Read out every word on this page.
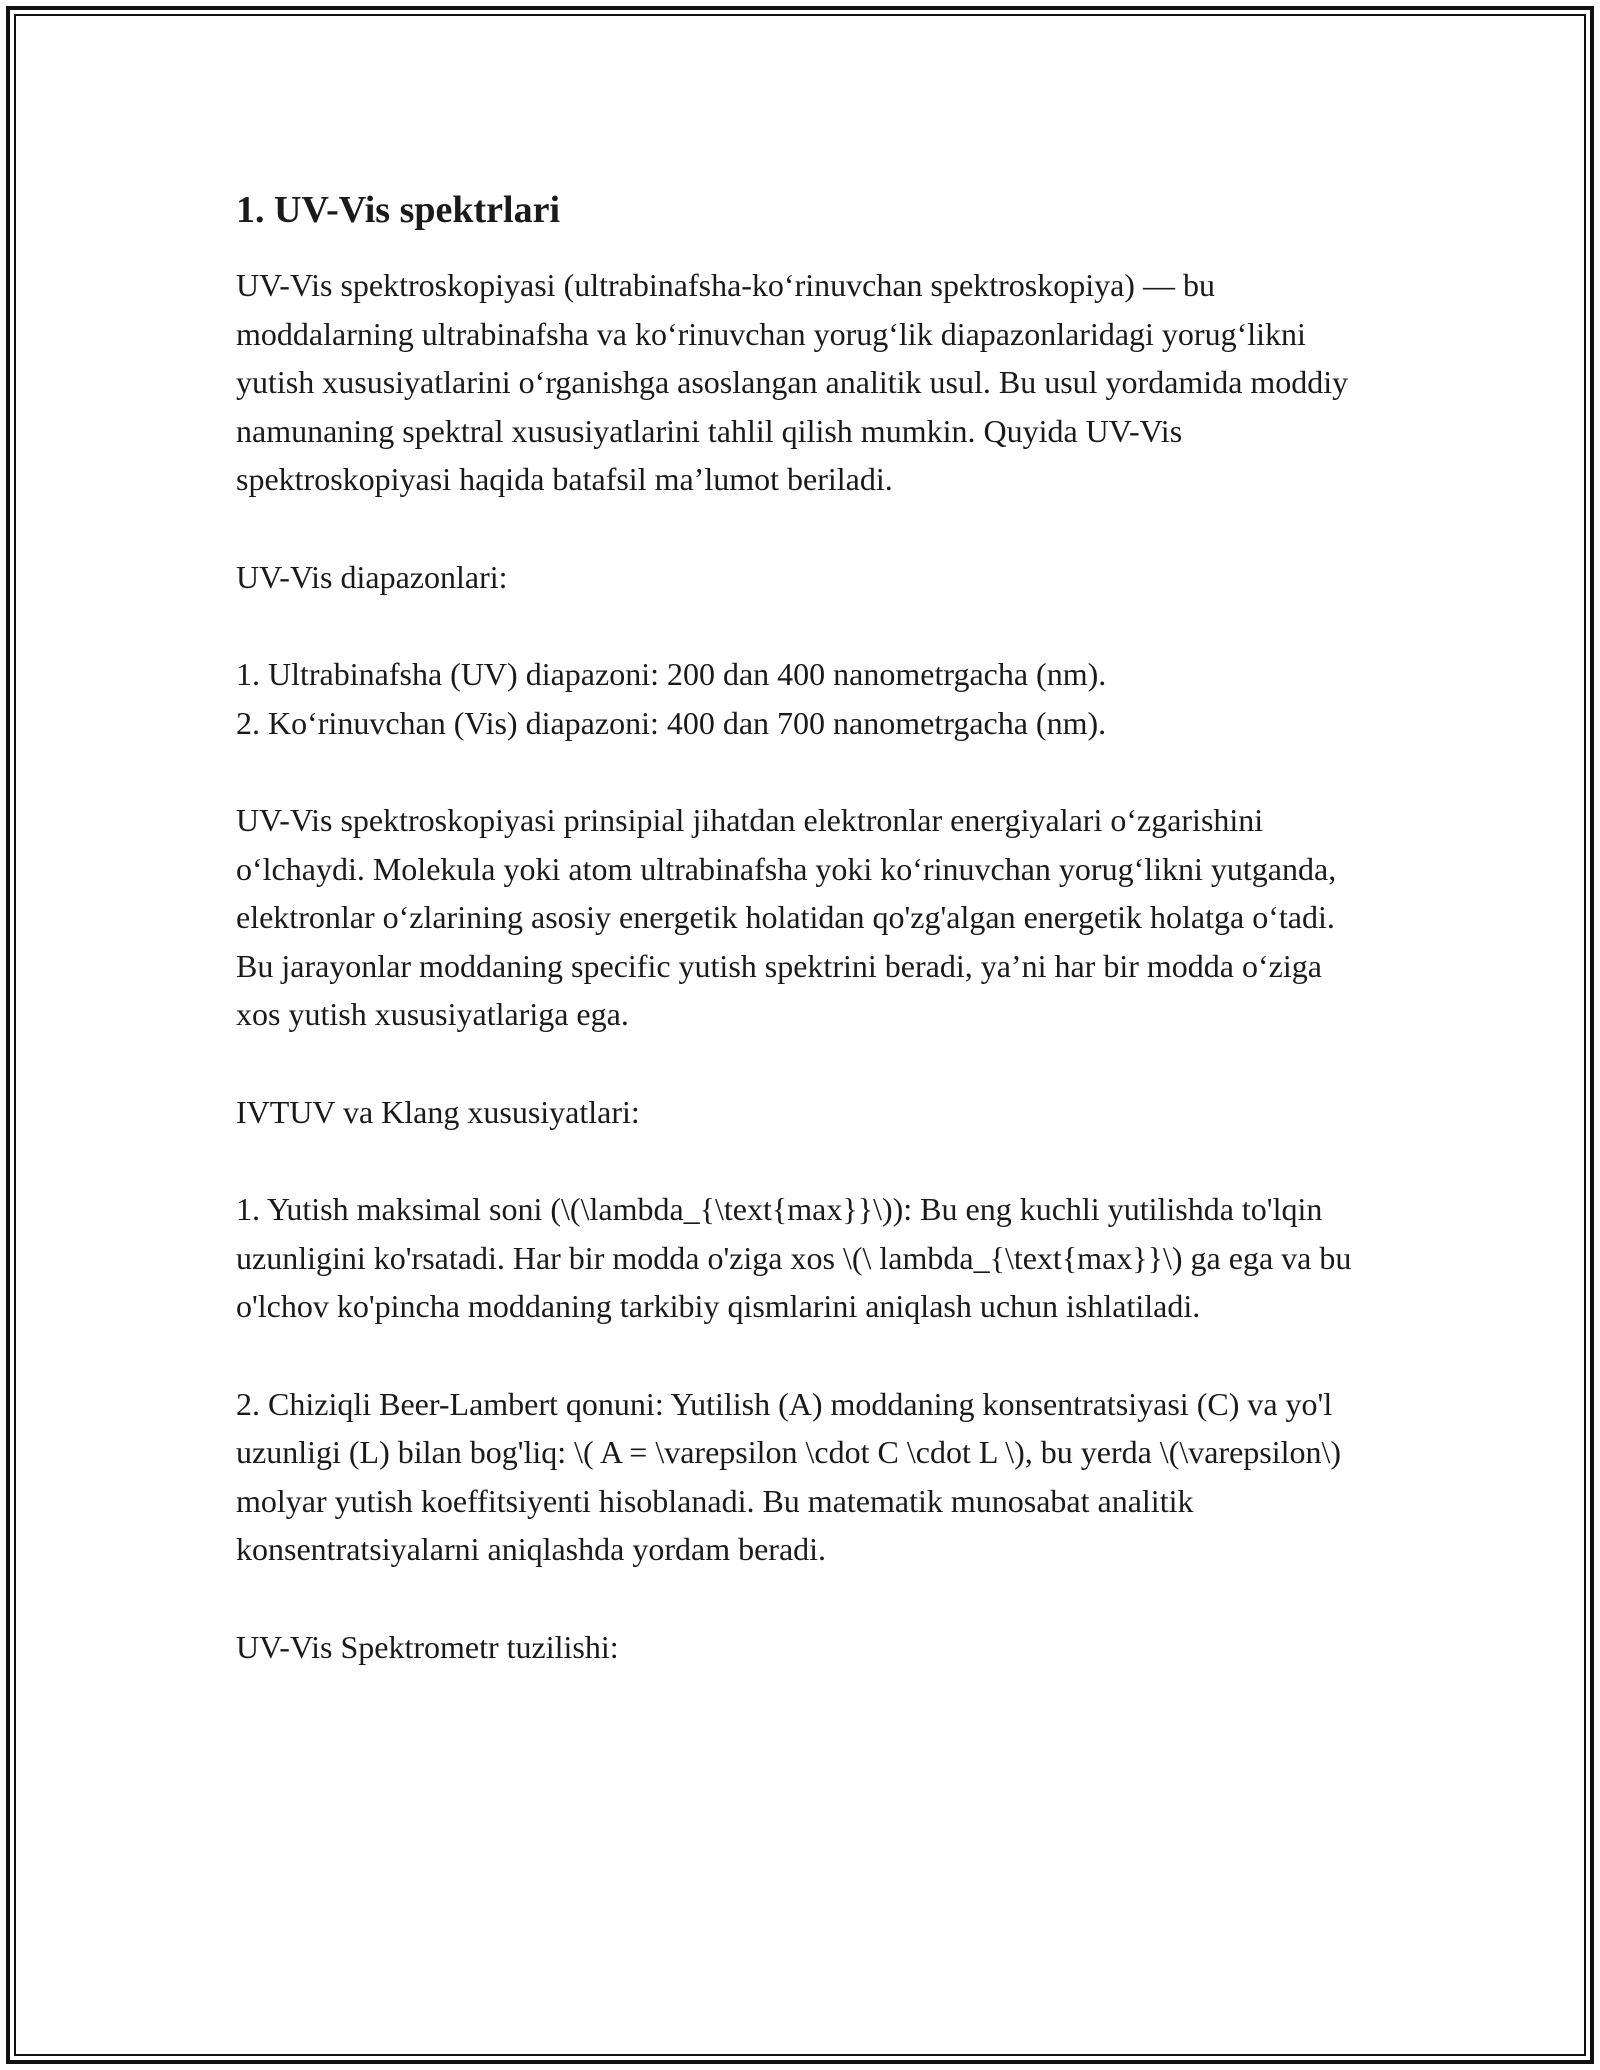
1. UV-Vis spektrlari

UV-Vis spektroskopiyasi (ultrabinafsha-koʻrinuvchan spektroskopiya) — bu moddalarning ultrabinafsha va koʻrinuvchan yorugʻlik diapazonlaridagi yorugʻlikni yutish xususiyatlarini oʻrganishga asoslangan analitik usul. Bu usul yordamida moddiy namunaning spektral xususiyatlarini tahlil qilish mumkin. Quyida UV-Vis spektroskopiyasi haqida batafsil maʼlumot beriladi.

UV-Vis diapazonlari:

1. Ultrabinafsha (UV) diapazoni: 200 dan 400 nanometrgacha (nm).
2. Koʻrinuvchan (Vis) diapazoni: 400 dan 700 nanometrgacha (nm).

UV-Vis spektroskopiyasi prinsipial jihatdan elektronlar energiyalari oʻzgarishini oʻlchaydi. Molekula yoki atom ultrabinafsha yoki koʻrinuvchan yorugʻlikni yutganda, elektronlar oʻzlarining asosiy energetik holatidan qo'zg'algan energetik holatga oʻtadi. Bu jarayonlar moddaning specific yutish spektrini beradi, yaʼni har bir modda oʻziga xos yutish xususiyatlariga ega.

IVTUV va Klang xususiyatlari:

1. Yutish maksimal soni (\(\lambda_{\text{max}}\)): Bu eng kuchli yutilishda to'lqin uzunligini ko'rsatadi. Har bir modda o'ziga xos \(\ lambda_{\text{max}}\) ga ega va bu o'lchov ko'pincha moddaning tarkibiy qismlarini aniqlash uchun ishlatiladi.

2. Chiziqli Beer-Lambert qonuni: Yutilish (A) moddaning konsentratsiyasi (C) va yo'l uzunligi (L) bilan bog'liq: \( A = \varepsilon \cdot C \cdot L \), bu yerda \(\varepsilon\) molyar yutish koeffitsiyenti hisoblanadi. Bu matematik munosabat analitik konsentratsiyalarni aniqlashda yordam beradi.

UV-Vis Spektrometr tuzilishi:
